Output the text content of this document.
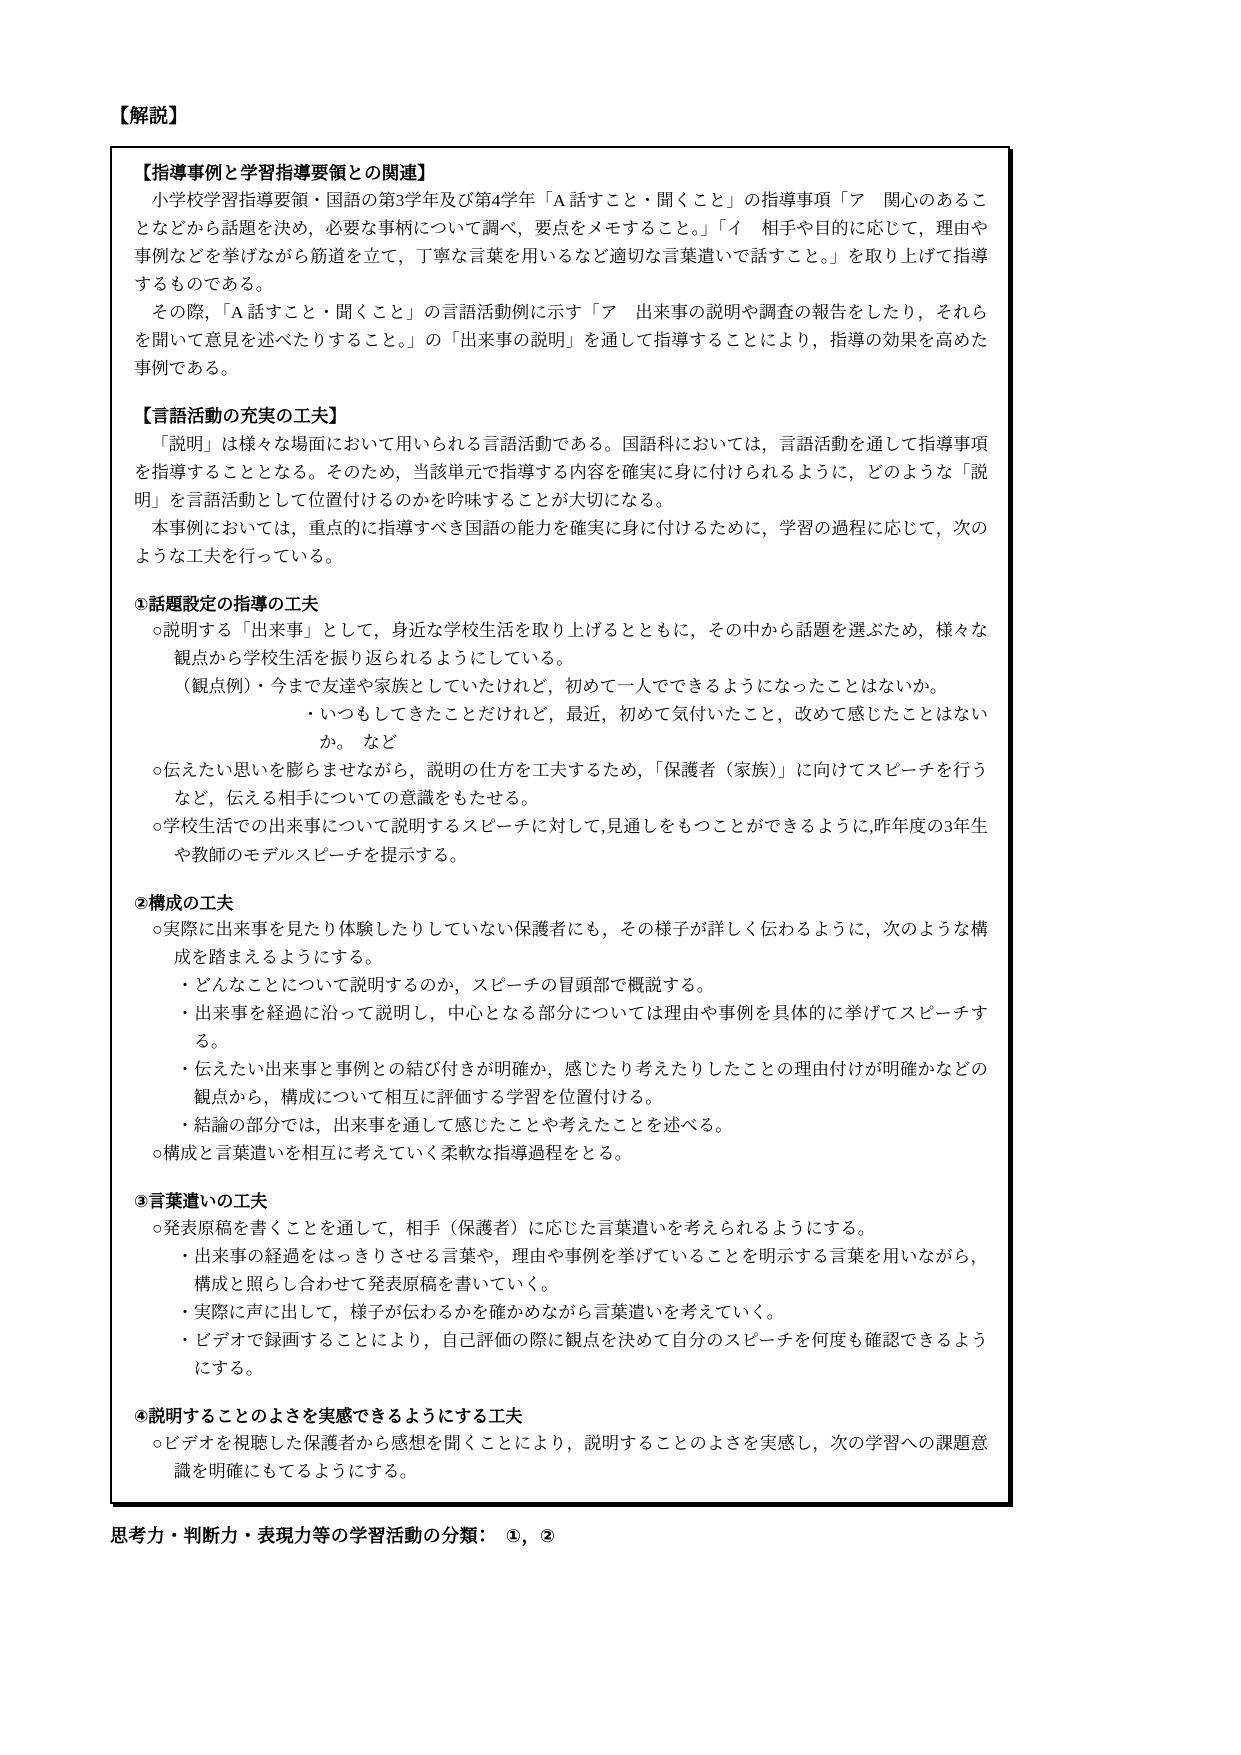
【解説】
【指導事例と学習指導要領との関連】

小学校学習指導要領・国語の第3学年及び第4学年「A 話すこと・聞くこと」の指導事項「ア　関心のあることなどから話題を決め，必要な事柄について調べ，要点をメモすること。」「イ　相手や目的に応じて，理由や事例などを挙げながら筋道を立て，丁寧な言葉を用いるなど適切な言葉遣いで話すこと。」を取り上げて指導するものである。

その際，「A 話すこと・聞くこと」の言語活動例に示す「ア　出来事の説明や調査の報告をしたり，それらを聞いて意見を述べたりすること。」の「出来事の説明」を通して指導することにより，指導の効果を高めた事例である。

【言語活動の充実の工夫】

「説明」は様々な場面において用いられる言語活動である。国語科においては，言語活動を通して指導事項を指導することとなる。そのため，当該単元で指導する内容を確実に身に付けられるように，どのような「説明」を言語活動として位置付けるのかを吟味することが大切になる。

本事例においては，重点的に指導すべき国語の能力を確実に身に付けるために，学習の過程に応じて，次のような工夫を行っている。

①話題設定の指導の工夫

○説明する「出来事」として，身近な学校生活を取り上げるとともに，その中から話題を選ぶため，様々な観点から学校生活を振り返られるようにしている。

（観点例）・今まで友達や家族としていたけれど，初めて一人でできるようになったことはないか。

・いつもしてきたことだけれど，最近，初めて気付いたこと，改めて感じたことはないか。　など

○伝えたい思いを膨らませながら，説明の仕方を工夫するため，「保護者（家族）」に向けてスピーチを行うなど，伝える相手についての意識をもたせる。

○学校生活での出来事について説明するスピーチに対して,見通しをもつことができるように,昨年度の3年生や教師のモデルスピーチを提示する。

②構成の工夫

○実際に出来事を見たり体験したりしていない保護者にも，その様子が詳しく伝わるように，次のような構成を踏まえるようにする。

・どんなことについて説明するのか，スピーチの冒頭部で概説する。

・出来事を経過に沿って説明し，中心となる部分については理由や事例を具体的に挙げてスピーチする。

・伝えたい出来事と事例との結び付きが明確か，感じたり考えたりしたことの理由付けが明確かなどの観点から，構成について相互に評価する学習を位置付ける。

・結論の部分では，出来事を通して感じたことや考えたことを述べる。

○構成と言葉遣いを相互に考えていく柔軟な指導過程をとる。

③言葉遣いの工夫

○発表原稿を書くことを通して，相手（保護者）に応じた言葉遣いを考えられるようにする。

・出来事の経過をはっきりさせる言葉や，理由や事例を挙げていることを明示する言葉を用いながら，構成と照らし合わせて発表原稿を書いていく。

・実際に声に出して，様子が伝わるかを確かめながら言葉遣いを考えていく。

・ビデオで録画することにより，自己評価の際に観点を決めて自分のスピーチを何度も確認できるようにする。

④説明することのよさを実感できるようにする工夫

○ビデオを視聴した保護者から感想を聞くことにより，説明することのよさを実感し，次の学習への課題意識を明確にもてるようにする。

思考力・判断力・表現力等の学習活動の分類：　①，②
